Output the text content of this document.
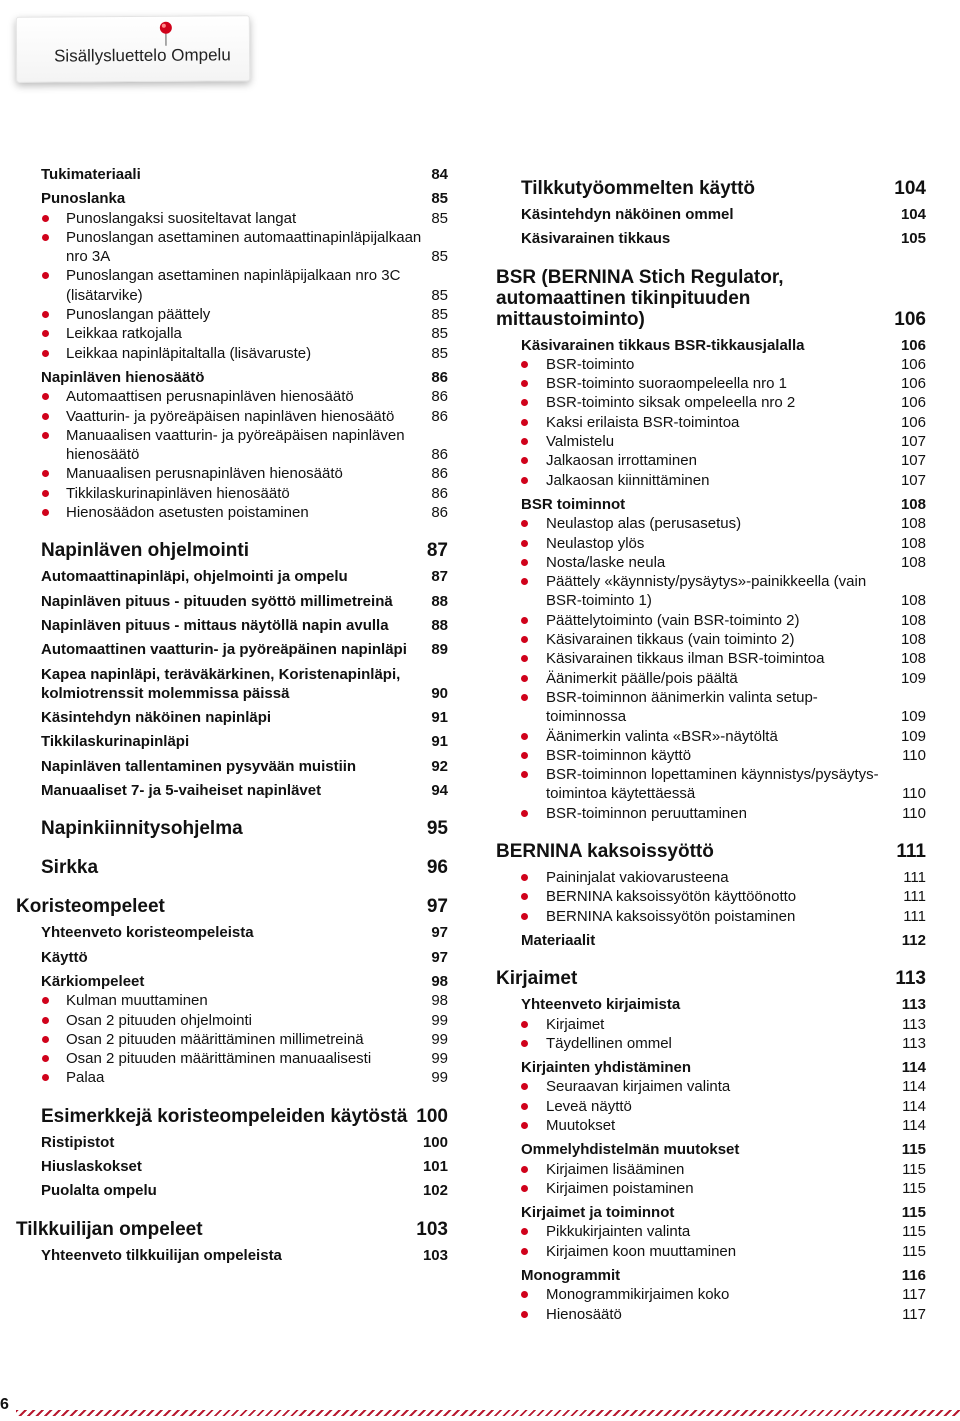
Sisällysluettelo Ompelu
Tukimateriaali	84
Punoslanka	85
Punoslangaksi suositeltavat langat	85
Punoslangan asettaminen automaattinapinläpijalkaan nro 3A	85
Punoslangan asettaminen napinläpijalkaan nro 3C (lisätarvike)	85
Punoslangan päättely	85
Leikkaa ratkojalla	85
Leikkaa napinläpitaltalla (lisävaruste)	85
Napinläven hienosäätö	86
Automaattisen perusnapinläven hienosäätö	86
Vaatturin- ja pyöreäpäisen napinläven hienosäätö	86
Manuaalisen vaatturin- ja pyöreäpäisen napinläven hienosäätö	86
Manuaalisen perusnapinläven hienosäätö	86
Tikkilaskurinapinläven hienosäätö	86
Hienosäädon asetusten poistaminen	86
Napinläven ohjelmointi	87
Automaattinapinläpi, ohjelmointi ja ompelu	87
Napinläven pituus - pituuden syöttö millimetreinä	88
Napinläven pituus - mittaus näytöllä napin avulla	88
Automaattinen vaatturin- ja pyöreäpäinen napinläpi	89
Kapea napinläpi, teräväkärkinen, Koristenapinläpi, kolmiotrenssit molemmissa päissä	90
Käsintehdyn näköinen napinläpi	91
Tikkilaskurinapinläpi	91
Napinläven tallentaminen pysyvään muistiin	92
Manuaaliset 7- ja 5-vaiheiset napinlävet	94
Napinkiinnitysohjelma	95
Sirkka	96
Koristeompeleet	97
Yhteenveto koristeompeleista	97
Käyttö	97
Kärkiompeleet	98
Kulman muuttaminen	98
Osan 2 pituuden ohjelmointi	99
Osan 2 pituuden määrittäminen millimetreinä	99
Osan 2 pituuden määrittäminen manuaalisesti	99
Palaa	99
Esimerkkejä koristeompeleiden käytöstä 100
Ristipistot	100
Hiuslaskokset	101
Puolalta ompelu	102
Tilkkuilijan ompeleet	103
Yhteenveto tilkkuilijan ompeleista	103
Tilkkutyöommelten käyttö	104
Käsintehdyn näköinen ommel	104
Käsivarainen tikkaus	105
BSR (BERNINA Stich Regulator, automaattinen tikinpituuden mittaustoiminto)	106
Käsivarainen tikkaus BSR-tikkausjalalla	106
BSR-toiminto	106
BSR-toiminto suoraompeleella nro 1	106
BSR-toiminto siksak ompeleella nro 2	106
Kaksi erilaista BSR-toimintoa	106
Valmistelu	107
Jalkaosan irrottaminen	107
Jalkaosan kiinnittäminen	107
BSR toiminnot	108
Neulastop alas (perusasetus)	108
Neulastop ylös	108
Nosta/laske neula	108
Päättely «käynnisty/pysäytys»-painikkeella (vain BSR-toiminto 1)	108
Päättelytoiminto (vain BSR-toiminto 2)	108
Käsivarainen tikkaus (vain toiminto 2)	108
Käsivarainen tikkaus ilman BSR-toimintoa	108
Äänimerkit päälle/pois päältä	109
BSR-toiminnon äänimerkin valinta setup-toiminnossa	109
Äänimerkin valinta «BSR»-näytöltä	109
BSR-toiminnon käyttö	110
BSR-toiminnon lopettaminen käynnistys/pysäytys-toimintoa käytettäessä	110
BSR-toiminnon peruuttaminen	110
BERNINA kaksoissyöttö	111
Paininjalat vakiovarusteena	111
BERNINA kaksoissyötön käyttöönotto	111
BERNINA kaksoissyötön poistaminen	111
Materiaalit	112
Kirjaimet	113
Yhteenveto kirjaimista	113
Kirjaimet	113
Täydellinen ommel	113
Kirjainten yhdistäminen	114
Seuraavan kirjaimen valinta	114
Leveä näyttö	114
Muutokset	114
Ommelyhdistelmän muutokset	115
Kirjaimen lisääminen	115
Kirjaimen poistaminen	115
Kirjaimet ja toiminnot	115
Pikkukirjainten valinta	115
Kirjaimen koon muuttaminen	115
Monogrammit	116
Monogrammikirjaimen koko	117
Hienosäätö	117
6
